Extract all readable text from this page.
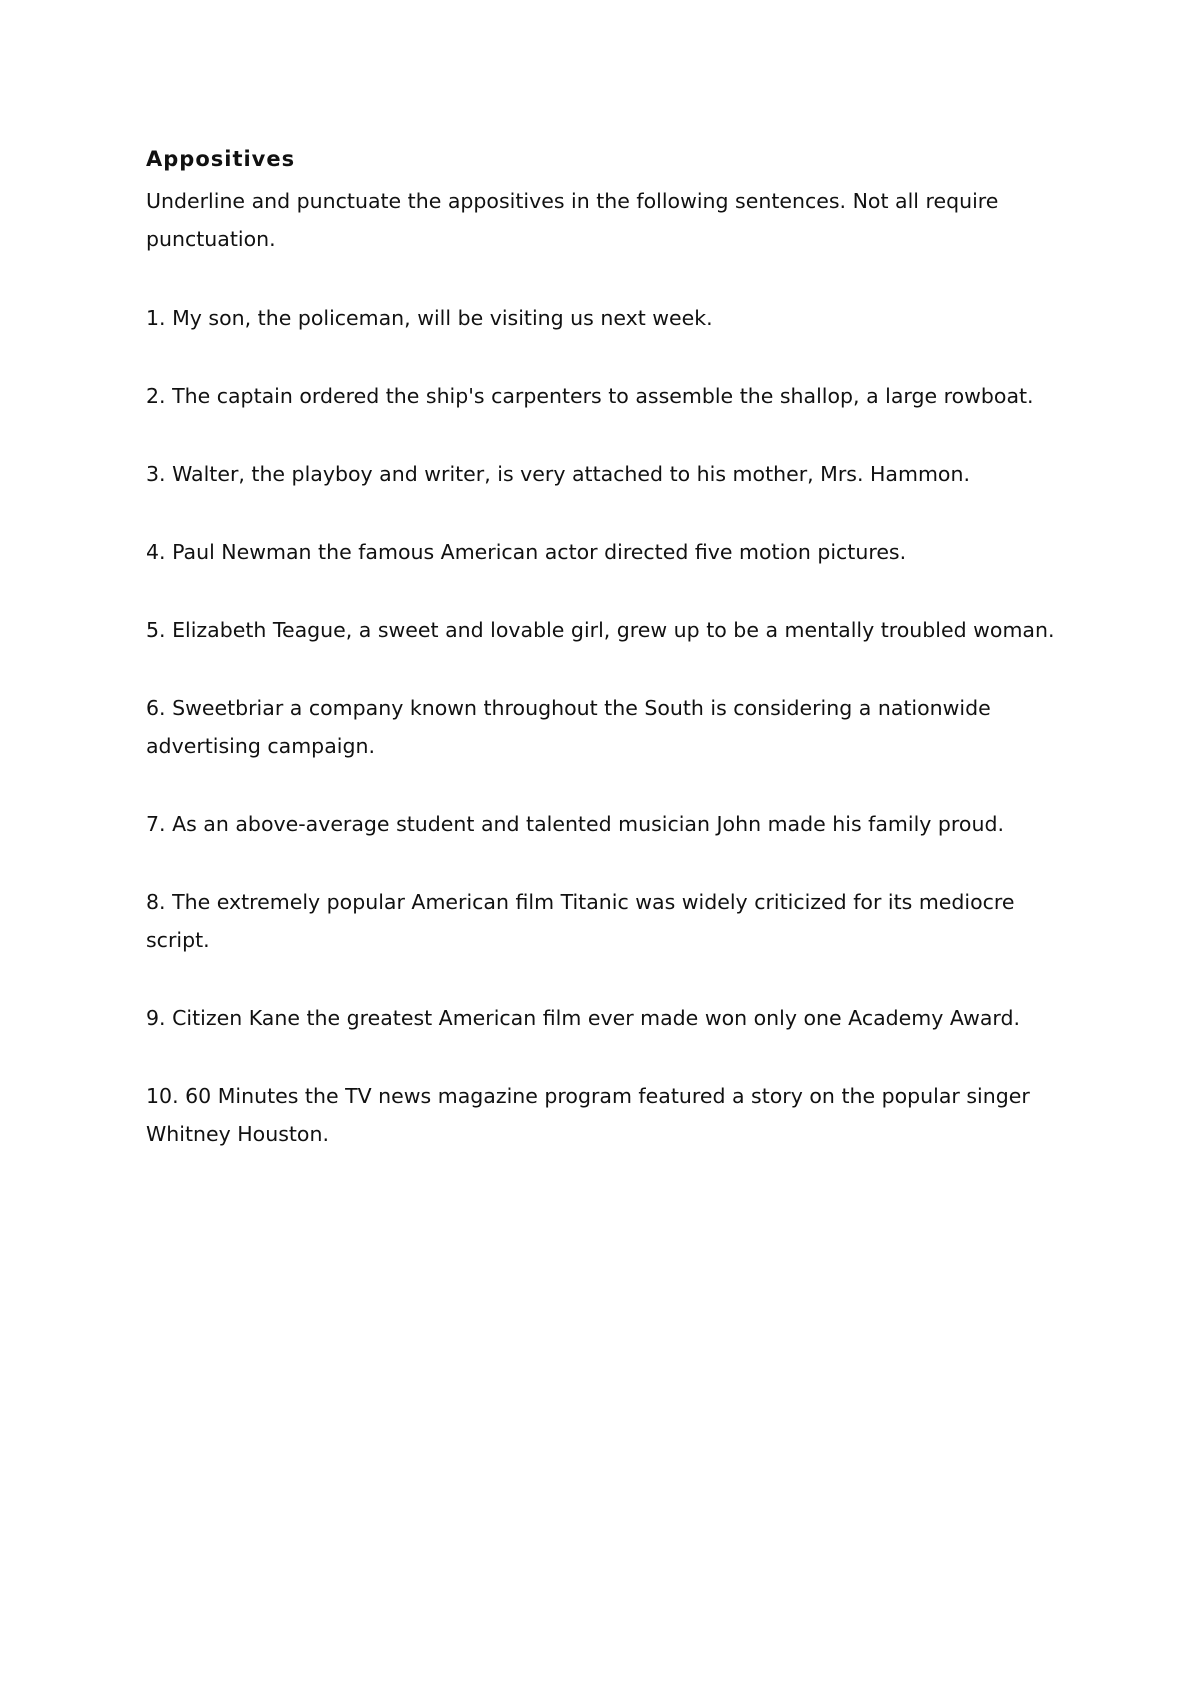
Appositives

Underline and punctuate the appositives in the following sentences. Not all require punctuation.

1. My son, the policeman, will be visiting us next week.
2. The captain ordered the ship's carpenters to assemble the shallop, a large rowboat.
3. Walter, the playboy and writer, is very attached to his mother, Mrs. Hammon.
4. Paul Newman the famous American actor directed five motion pictures.
5. Elizabeth Teague, a sweet and lovable girl, grew up to be a mentally troubled woman.
6. Sweetbriar a company known throughout the South is considering a nationwide advertising campaign.
7. As an above-average student and talented musician John made his family proud.
8. The extremely popular American film Titanic was widely criticized for its mediocre script.
9. Citizen Kane the greatest American film ever made won only one Academy Award.
10. 60 Minutes the TV news magazine program featured a story on the popular singer Whitney Houston.
